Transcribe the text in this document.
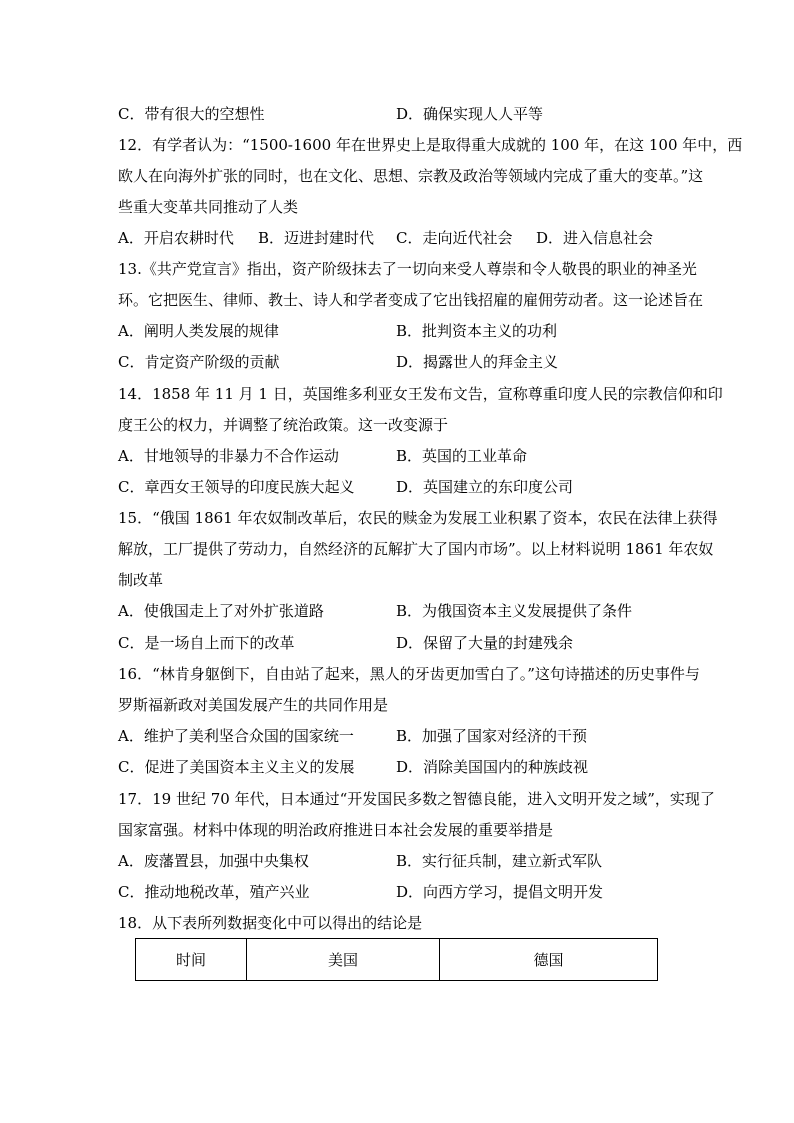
C．带有很大的空想性	D．确保实现人人平等
12．有学者认为：“1500-1600 年在世界史上是取得重大成就的 100 年，在这 100 年中，西
欧人在向海外扩张的同时，也在文化、思想、宗教及政治等领域内完成了重大的变革。”这
些重大变革共同推动了人类
A．开启农耕时代 B．迈进封建时代 C．走向近代社会 D．进入信息社会
13.《共产党宣言》指出，资产阶级抹去了一切向来受人尊崇和令人敬畏的职业的神圣光
环。它把医生、律师、教士、诗人和学者变成了它出钱招雇的雇佣劳动者。这一论述旨在
A．阐明人类发展的规律	B．批判资本主义的功利
C．肯定资产阶级的贡献	D．揭露世人的拜金主义
14．1858 年 11 月 1 日，英国维多利亚女王发布文告，宣称尊重印度人民的宗教信仰和印
度王公的权力，并调整了统治政策。这一改变源于
A．甘地领导的非暴力不合作运动	B．英国的工业革命
C．章西女王领导的印度民族大起义	D．英国建立的东印度公司
15．“俄国 1861 年农奴制改革后，农民的赎金为发展工业积累了资本，农民在法律上获得
解放，工厂提供了劳动力，自然经济的瓦解扩大了国内市场”。以上材料说明 1861 年农奴
制改革
A．使俄国走上了对外扩张道路	B．为俄国资本主义发展提供了条件
C．是一场自上而下的改革	D．保留了大量的封建残余
16．“林肯身躯倒下，自由站了起来，黑人的牙齿更加雪白了。”这句诗描述的历史事件与
罗斯福新政对美国发展产生的共同作用是
A．维护了美利坚合众国的国家统一	B．加强了国家对经济的干预
C．促进了美国资本主义主义的发展	D．消除美国国内的种族歧视
17．19 世纪 70 年代，日本通过“开发国民多数之智德良能，进入文明开发之域”，实现了
国家富强。材料中体现的明治政府推进日本社会发展的重要举措是
A．废藩置县，加强中央集权	B．实行征兵制，建立新式军队
C．推动地税改革，殖产兴业	D．向西方学习，提倡文明开发
18．从下表所列数据变化中可以得出的结论是
时间	美国	德国
